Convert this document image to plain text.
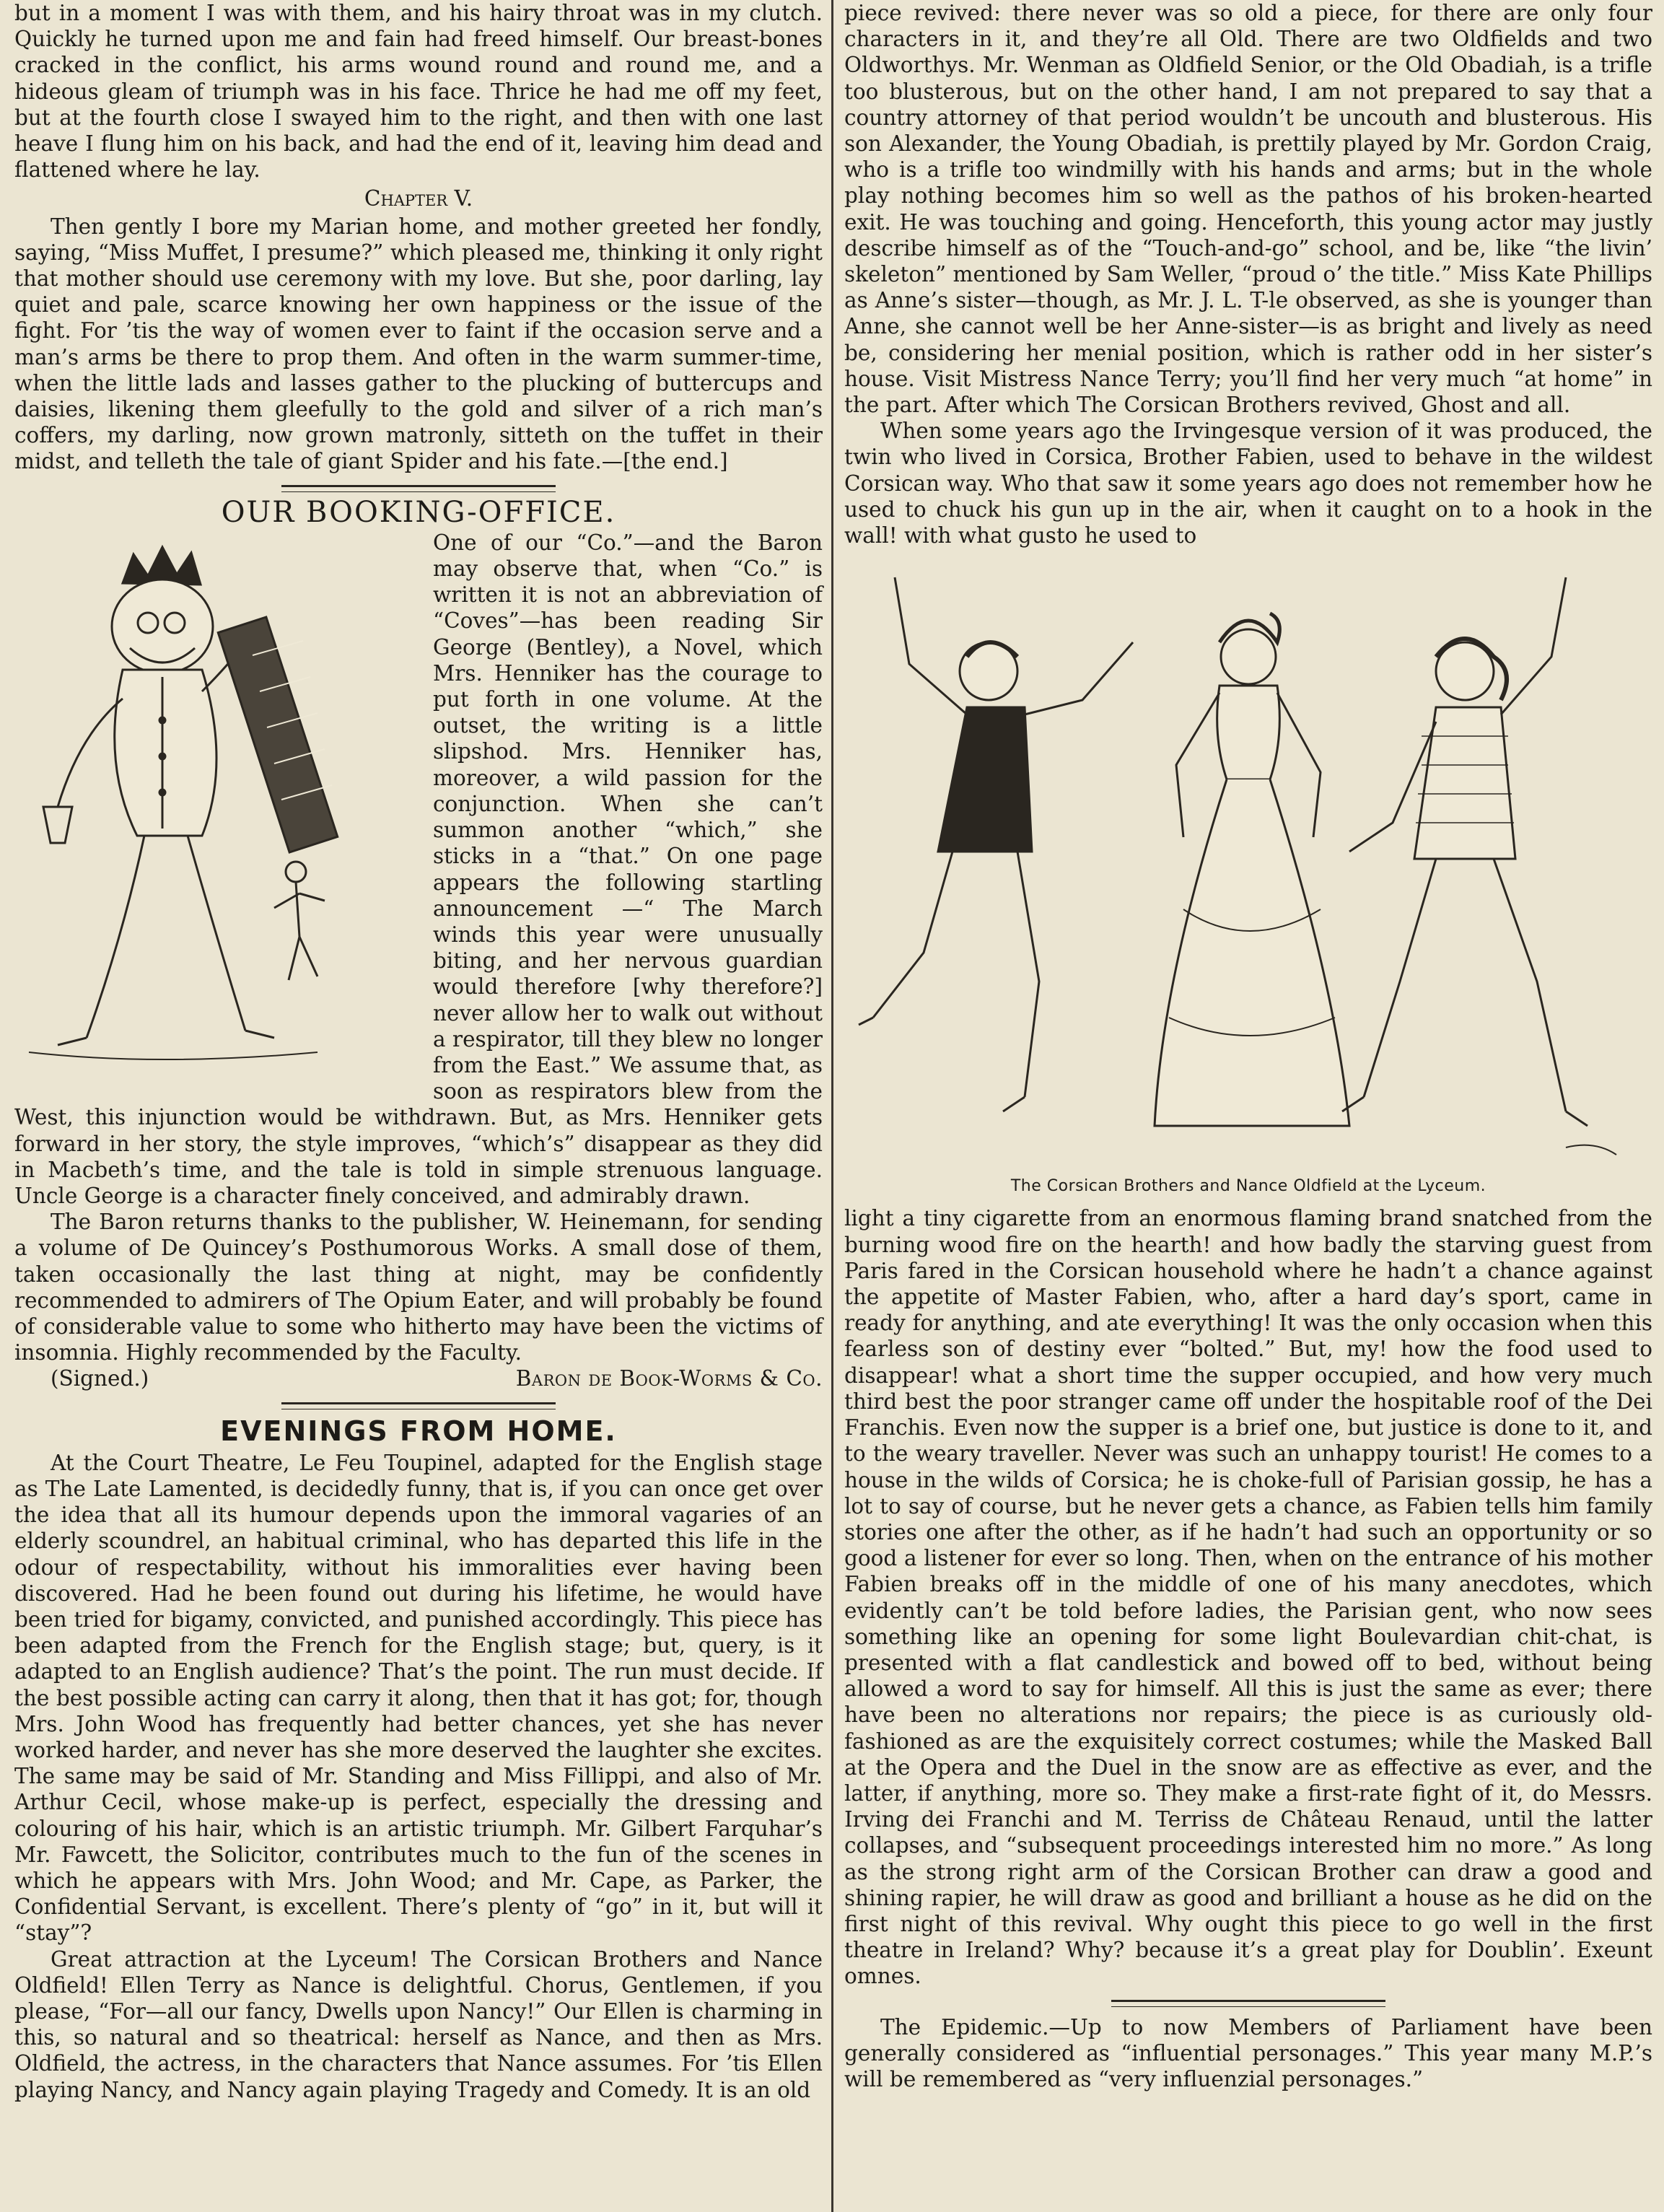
but in a moment I was with them, and his hairy throat was in my clutch. Quickly he turned upon me and fain had freed himself. Our breast-bones cracked in the conflict, his arms wound round and round me, and a hideous gleam of triumph was in his face. Thrice he had me off my feet, but at the fourth close I swayed him to the right, and then with one last heave I flung him on his back, and had the end of it, leaving him dead and flattened where he lay.

Chapter V.

Then gently I bore my Marian home, and mother greeted her fondly, saying, “Miss Muffet, I presume?” which pleased me, thinking it only right that mother should use ceremony with my love. But she, poor darling, lay quiet and pale, scarce knowing her own happiness or the issue of the fight. For ’tis the way of women ever to faint if the occasion serve and a man’s arms be there to prop them. And often in the warm summer-time, when the little lads and lasses gather to the plucking of buttercups and daisies, likening them gleefully to the gold and silver of a rich man’s coffers, my darling, now grown matronly, sitteth on the tuffet in their midst, and telleth the tale of giant Spider and his fate.—[the end.]

OUR BOOKING-OFFICE.

One of our “Co.”—and the Baron may observe that, when “Co.” is written it is not an abbreviation of “Coves”—has been reading Sir George (Bentley), a Novel, which Mrs. Henniker has the courage to put forth in one volume. At the outset, the writing is a little slipshod. Mrs. Henniker has, moreover, a wild passion for the conjunction. When she can’t summon another “which,” she sticks in a “that.” On one page appears the following startling announcement —“ The March winds this year were unusually biting, and her nervous guardian would therefore [why therefore?] never allow her to walk out without a respirator, till they blew no longer from the East.” We assume that, as soon as respirators blew from the West, this injunction would be withdrawn. But, as Mrs. Henniker gets forward in her story, the style improves, “which’s” disappear as they did in Macbeth’s time, and the tale is told in simple strenuous language. Uncle George is a character finely conceived, and admirably drawn.

The Baron returns thanks to the publisher, W. Heinemann, for sending a volume of De Quincey’s Posthumorous Works. A small dose of them, taken occasionally the last thing at night, may be confidently recommended to admirers of The Opium Eater, and will probably be found of considerable value to some who hitherto may have been the victims of insomnia. Highly recommended by the Faculty.

(Signed.)	Baron de Book-Worms & Co.

EVENINGS FROM HOME.

At the Court Theatre, Le Feu Toupinel, adapted for the English stage as The Late Lamented, is decidedly funny, that is, if you can once get over the idea that all its humour depends upon the immoral vagaries of an elderly scoundrel, an habitual criminal, who has departed this life in the odour of respectability, without his immoralities ever having been discovered. Had he been found out during his lifetime, he would have been tried for bigamy, convicted, and punished accordingly. This piece has been adapted from the French for the English stage; but, query, is it adapted to an English audience? That’s the point. The run must decide. If the best possible acting can carry it along, then that it has got; for, though Mrs. John Wood has frequently had better chances, yet she has never worked harder, and never has she more deserved the laughter she excites. The same may be said of Mr. Standing and Miss Fillippi, and also of Mr. Arthur Cecil, whose make-up is perfect, especially the dressing and colouring of his hair, which is an artistic triumph. Mr. Gilbert Farquhar’s Mr. Fawcett, the Solicitor, contributes much to the fun of the scenes in which he appears with Mrs. John Wood; and Mr. Cape, as Parker, the Confidential Servant, is excellent. There’s plenty of “go” in it, but will it “stay”?

Great attraction at the Lyceum! The Corsican Brothers and Nance Oldfield! Ellen Terry as Nance is delightful. Chorus, Gentlemen, if you please, “For—all our fancy, Dwells upon Nancy!” Our Ellen is charming in this, so natural and so theatrical: herself as Nance, and then as Mrs. Oldfield, the actress, in the characters that Nance assumes. For ’tis Ellen playing Nancy, and Nancy again playing Tragedy and Comedy. It is an old

piece revived: there never was so old a piece, for there are only four characters in it, and they’re all Old. There are two Oldfields and two Oldworthys. Mr. Wenman as Oldfield Senior, or the Old Obadiah, is a trifle too blusterous, but on the other hand, I am not prepared to say that a country attorney of that period wouldn’t be uncouth and blusterous. His son Alexander, the Young Obadiah, is prettily played by Mr. Gordon Craig, who is a trifle too windmilly with his hands and arms; but in the whole play nothing becomes him so well as the pathos of his broken-hearted exit. He was touching and going. Henceforth, this young actor may justly describe himself as of the “Touch-and-go” school, and be, like “the livin’ skeleton” mentioned by Sam Weller, “proud o’ the title.” Miss Kate Phillips as Anne’s sister—though, as Mr. J. L. T-le observed, as she is younger than Anne, she cannot well be her Anne-sister—is as bright and lively as need be, considering her menial position, which is rather odd in her sister’s house. Visit Mistress Nance Terry; you’ll find her very much “at home” in the part. After which The Corsican Brothers revived, Ghost and all.

When some years ago the Irvingesque version of it was produced, the twin who lived in Corsica, Brother Fabien, used to behave in the wildest Corsican way. Who that saw it some years ago does not remember how he used to chuck his gun up in the air, when it caught on to a hook in the wall! with what gusto he used to

The Corsican Brothers and Nance Oldfield at the Lyceum.

light a tiny cigarette from an enormous flaming brand snatched from the burning wood fire on the hearth! and how badly the starving guest from Paris fared in the Corsican household where he hadn’t a chance against the appetite of Master Fabien, who, after a hard day’s sport, came in ready for anything, and ate everything! It was the only occasion when this fearless son of destiny ever “bolted.” But, my! how the food used to disappear! what a short time the supper occupied, and how very much third best the poor stranger came off under the hospitable roof of the Dei Franchis. Even now the supper is a brief one, but justice is done to it, and to the weary traveller. Never was such an unhappy tourist! He comes to a house in the wilds of Corsica; he is choke-full of Parisian gossip, he has a lot to say of course, but he never gets a chance, as Fabien tells him family stories one after the other, as if he hadn’t had such an opportunity or so good a listener for ever so long. Then, when on the entrance of his mother Fabien breaks off in the middle of one of his many anecdotes, which evidently can’t be told before ladies, the Parisian gent, who now sees something like an opening for some light Boulevardian chit-chat, is presented with a flat candlestick and bowed off to bed, without being allowed a word to say for himself. All this is just the same as ever; there have been no alterations nor repairs; the piece is as curiously old-fashioned as are the exquisitely correct costumes; while the Masked Ball at the Opera and the Duel in the snow are as effective as ever, and the latter, if anything, more so. They make a first-rate fight of it, do Messrs. Irving dei Franchi and M. Terriss de Château Renaud, until the latter collapses, and “subsequent proceedings interested him no more.” As long as the strong right arm of the Corsican Brother can draw a good and shining rapier, he will draw as good and brilliant a house as he did on the first night of this revival. Why ought this piece to go well in the first theatre in Ireland? Why? because it’s a great play for Doublin’. Exeunt omnes.

The Epidemic.—Up to now Members of Parliament have been generally considered as “influential personages.” This year many M.P.’s will be remembered as “very influenzial personages.”
